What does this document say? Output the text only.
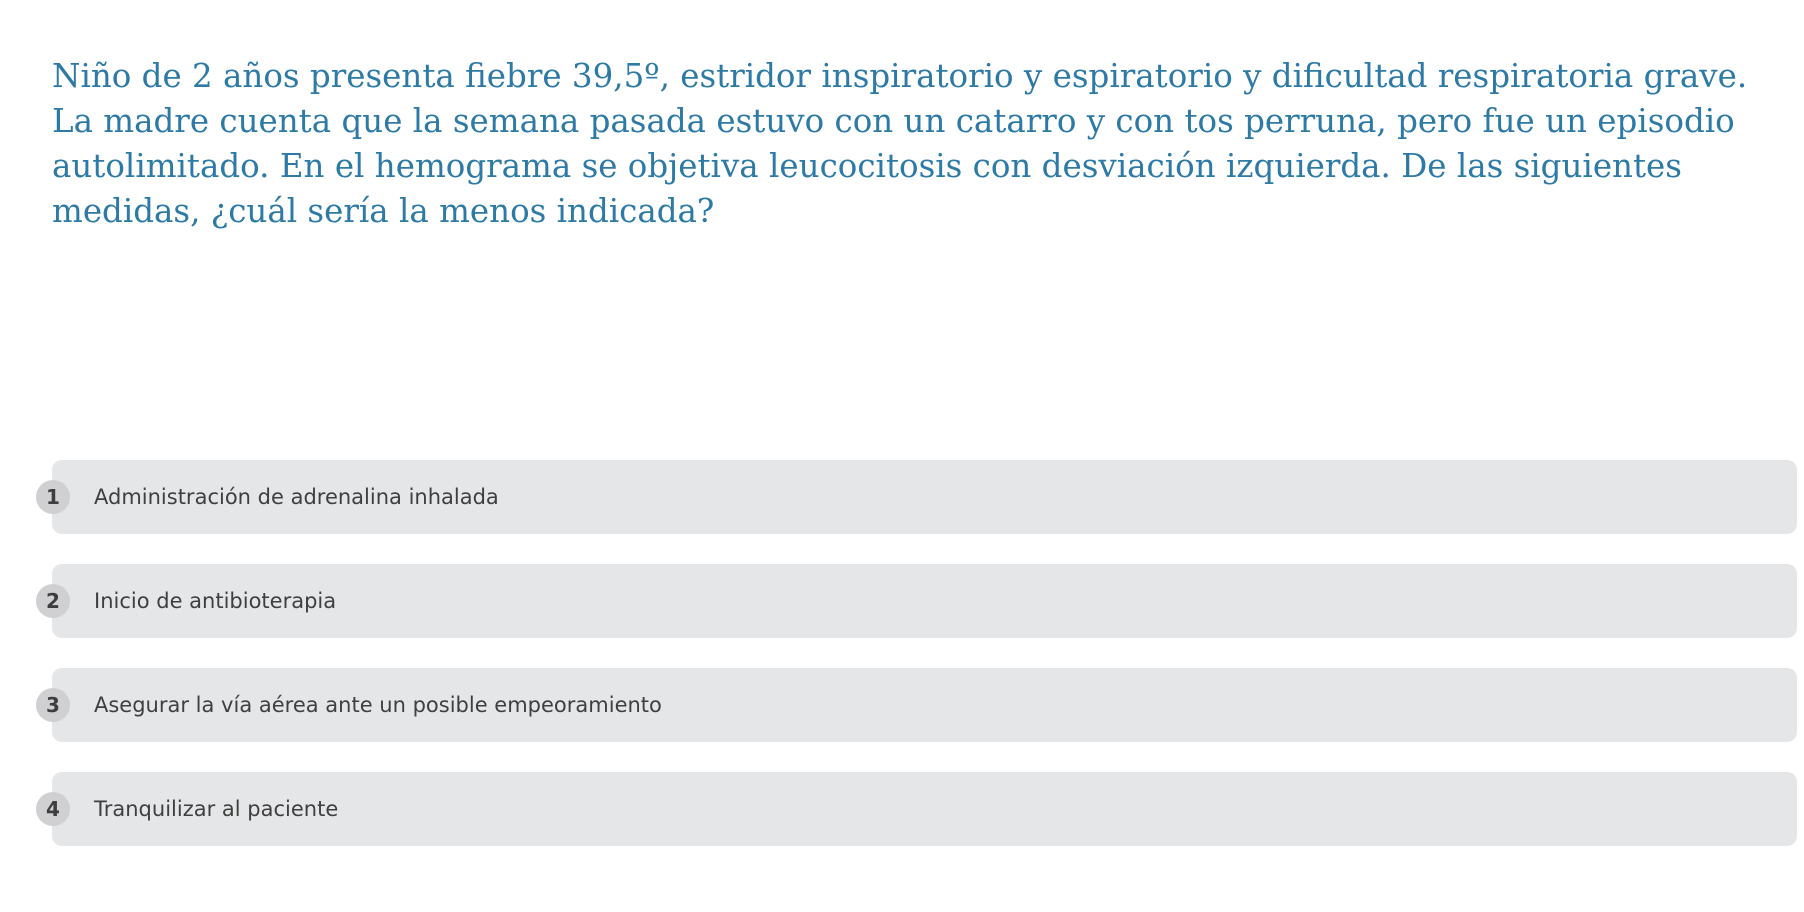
Niño de 2 años presenta fiebre 39,5º, estridor inspiratorio y espiratorio y dificultad respiratoria grave. La madre cuenta que la semana pasada estuvo con un catarro y con tos perruna, pero fue un episodio autolimitado. En el hemograma se objetiva leucocitosis con desviación izquierda. De las siguientes medidas, ¿cuál sería la menos indicada?

Administración de adrenalina inhalada
1
Inicio de antibioterapia
2
Asegurar la vía aérea ante un posible empeoramiento
3
Tranquilizar al paciente
4
